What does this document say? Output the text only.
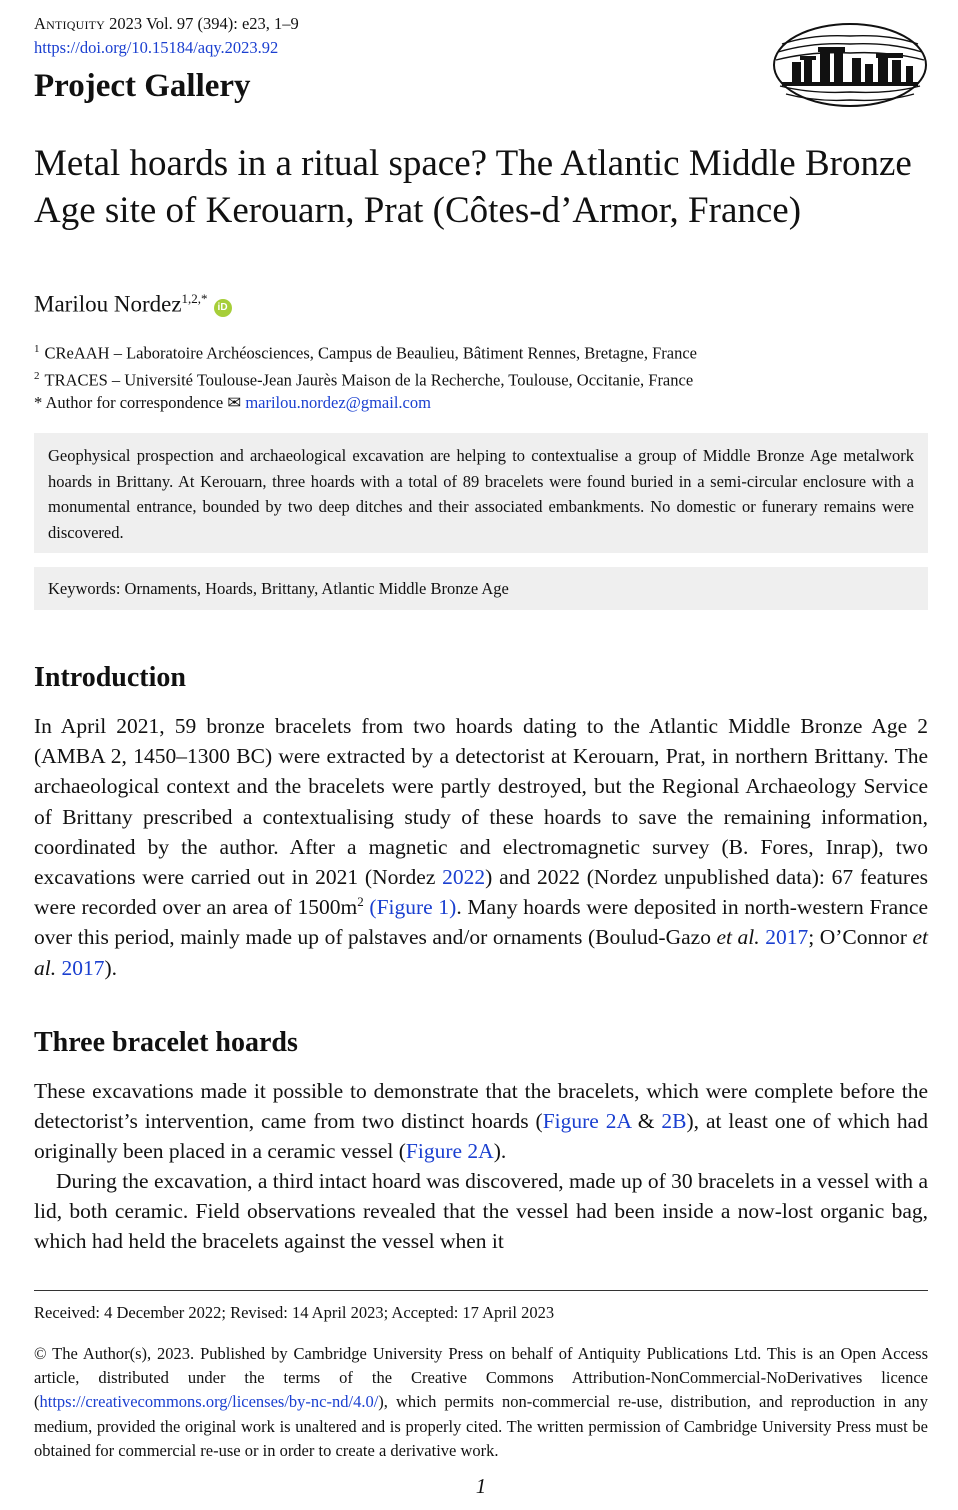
Antiquity 2023 Vol. 97 (394): e23, 1–9
https://doi.org/10.15184/aqy.2023.92
Project Gallery
Metal hoards in a ritual space? The Atlantic Middle Bronze Age site of Kerouarn, Prat (Côtes-d’Armor, France)
Marilou Nordez$^{1,2,*}$iD
$^1$ CReAAH – Laboratoire Archéosciences, Campus de Beaulieu, Bâtiment Rennes, Bretagne, France
$^2$ TRACES – Université Toulouse-Jean Jaurès Maison de la Recherche, Toulouse, Occitanie, France
* Author for correspondence ✉ marilou.nordez@gmail.com
Geophysical prospection and archaeological excavation are helping to contextualise a group of Middle Bronze Age metalwork hoards in Brittany. At Kerouarn, three hoards with a total of 89 bracelets were found buried in a semi-circular enclosure with a monumental entrance, bounded by two deep ditches and their associated embankments. No domestic or funerary remains were discovered.
Keywords: Ornaments, Hoards, Brittany, Atlantic Middle Bronze Age
Introduction

In April 2021, 59 bronze bracelets from two hoards dating to the Atlantic Middle Bronze Age 2 (AMBA 2, 1450–1300 BC) were extracted by a detectorist at Kerouarn, Prat, in northern Brittany. The archaeological context and the bracelets were partly destroyed, but the Regional Archaeology Service of Brittany prescribed a contextualising study of these hoards to save the remaining information, coordinated by the author. After a magnetic and electromagnetic survey (B. Fores, Inrap), two excavations were carried out in 2021 (Nordez 2022) and 2022 (Nordez unpublished data): 67 features were recorded over an area of $1500m^2$ (Figure 1). Many hoards were deposited in north-western France over this period, mainly made up of palstaves and/or ornaments (Boulud-Gazo et al. 2017; O’Connor et al. 2017).

Three bracelet hoards

These excavations made it possible to demonstrate that the bracelets, which were complete before the detectorist’s intervention, came from two distinct hoards (Figure 2A & 2B), at least one of which had originally been placed in a ceramic vessel (Figure 2A).

During the excavation, a third intact hoard was discovered, made up of 30 bracelets in a vessel with a lid, both ceramic. Field observations revealed that the vessel had been inside a now-lost organic bag, which had held the bracelets against the vessel when it

Received: 4 December 2022; Revised: 14 April 2023; Accepted: 17 April 2023

© The Author(s), 2023. Published by Cambridge University Press on behalf of Antiquity Publications Ltd. This is an Open Access article, distributed under the terms of the Creative Commons Attribution-NonCommercial-NoDerivatives licence (https://creativecommons.org/licenses/by-nc-nd/4.0/), which permits non-commercial re-use, distribution, and reproduction in any medium, provided the original work is unaltered and is properly cited. The written permission of Cambridge University Press must be obtained for commercial re-use or in order to create a derivative work.

1
